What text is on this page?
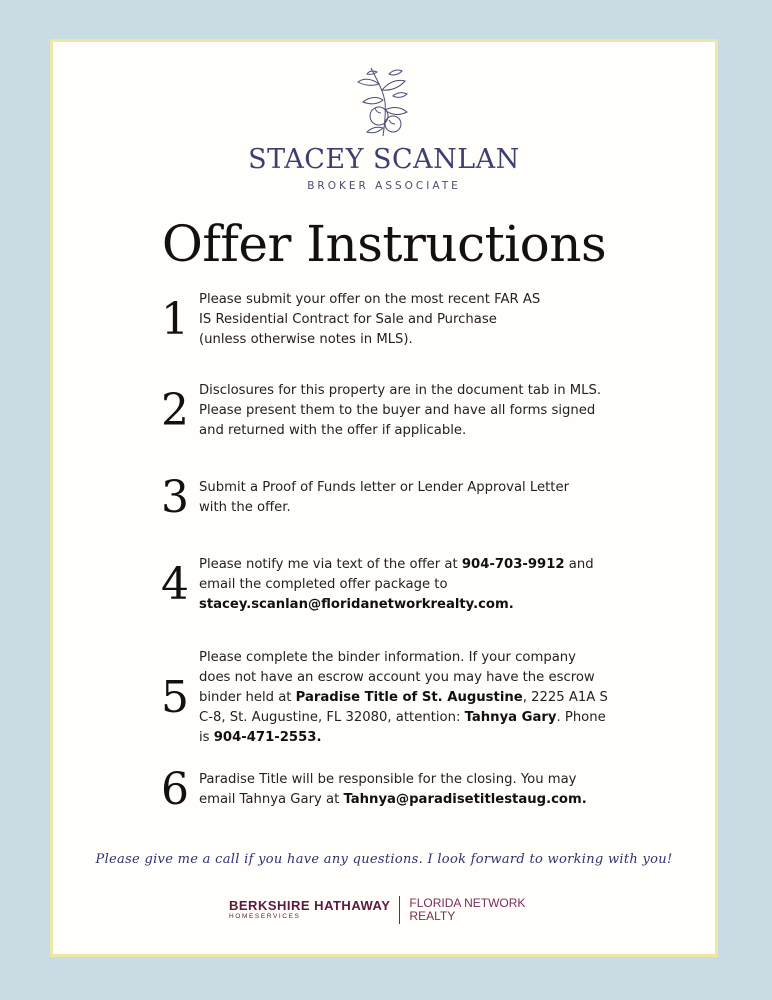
STACEY SCANLAN
BROKER ASSOCIATE
Offer Instructions
1 Please submit your offer on the most recent FAR AS IS Residential Contract for Sale and Purchase (unless otherwise notes in MLS).
2 Disclosures for this property are in the document tab in MLS. Please present them to the buyer and have all forms signed and returned with the offer if applicable.
3 Submit a Proof of Funds letter or Lender Approval Letter with the offer.
4 Please notify me via text of the offer at 904-703-9912 and email the completed offer package to stacey.scanlan@floridanetworkrealty.com.
5
Please complete the binder information. If your company does not have an escrow account you may have the escrow binder held at Paradise Title of St. Augustine, 2225 A1A S C-8, St. Augustine, FL 32080, attention: Tahnya Gary. Phone is 904-471-2553.
6 Paradise Title will be responsible for the closing. You may email Tahnya Gary at Tahnya@paradisetitlestaug.com.
Please give me a call if you have any questions. I look forward to working with you!
BERKSHIRE HATHAWAY
HOMESERVICES
FLORIDA NETWORK
REALTY
